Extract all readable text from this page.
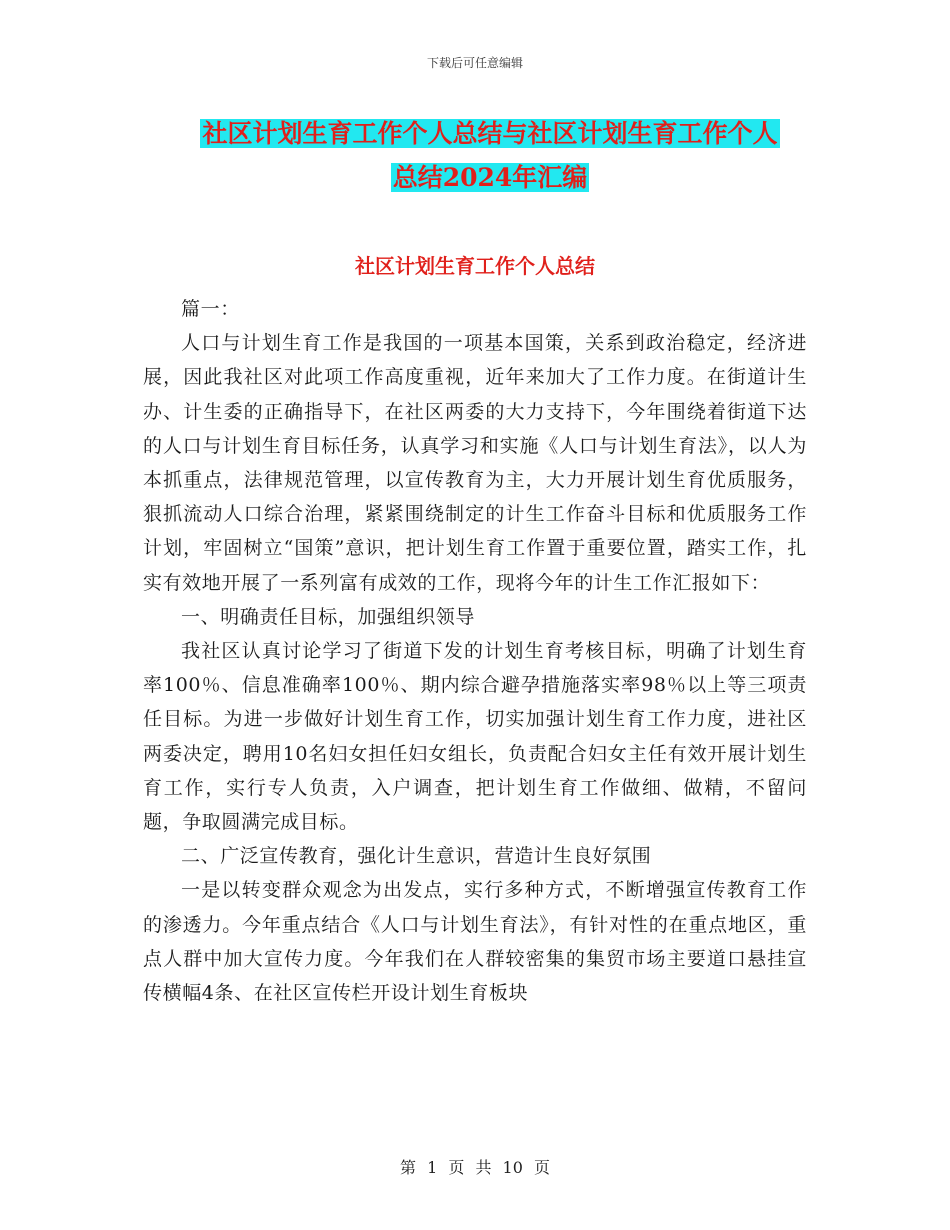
下载后可任意编辑
社区计划生育工作个人总结与社区计划生育工作个人
总结2024年汇编
社区计划生育工作个人总结

篇一：

人口与计划生育工作是我国的一项基本国策，关系到政治稳定，经济进展，因此我社区对此项工作高度重视，近年来加大了工作力度。在街道计生办、计生委的正确指导下，在社区两委的大力支持下，今年围绕着街道下达的人口与计划生育目标任务，认真学习和实施《人口与计划生育法》，以人为本抓重点，法律规范管理，以宣传教育为主，大力开展计划生育优质服务，狠抓流动人口综合治理，紧紧围绕制定的计生工作奋斗目标和优质服务工作计划，牢固树立“国策”意识，把计划生育工作置于重要位置，踏实工作，扎实有效地开展了一系列富有成效的工作，现将今年的计生工作汇报如下：

一、明确责任目标，加强组织领导

我社区认真讨论学习了街道下发的计划生育考核目标，明确了计划生育率100％、信息准确率100％、期内综合避孕措施落实率98％以上等三项责任目标。为进一步做好计划生育工作，切实加强计划生育工作力度，进社区两委决定，聘用10名妇女担任妇女组长，负责配合妇女主任有效开展计划生育工作，实行专人负责，入户调查，把计划生育工作做细、做精，不留问题，争取圆满完成目标。

二、广泛宣传教育，强化计生意识，营造计生良好氛围

一是以转变群众观念为出发点，实行多种方式，不断增强宣传教育工作的渗透力。今年重点结合《人口与计划生育法》，有针对性的在重点地区，重点人群中加大宣传力度。今年我们在人群较密集的集贸市场主要道口悬挂宣传横幅4条、在社区宣传栏开设计划生育板块

第 1 页 共 10 页
